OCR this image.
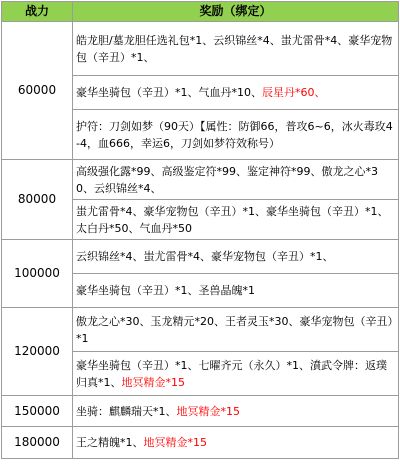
战力	奖励（绑定）
60000	皓龙胆/墓龙胆任选礼包*1、云织锦丝*4、蚩尤雷骨*4、豪华宠物包（辛丑）*1、
	豪华坐骑包（辛丑）*1、气血丹*10、辰星丹*60、
	护符：刀剑如梦（90天）【属性：防御66，普攻6~6，冰火毒玫4-4，血666，幸运6，刀剑如梦符效称号）
80000	高级强化露*99、高级鉴定符*99、鉴定神符*99、傲龙之心*30、云织锦丝*4、
	蚩尤雷骨*4、豪华宠物包（辛丑）*1、豪华坐骑包（辛丑）*1、太白丹*50、气血丹*50
100000	云织锦丝*4、蚩尤雷骨*4、豪华宠物包（辛丑）*1、
	豪华坐骑包（辛丑）*1、圣兽晶魄*1
120000	傲龙之心*30、玉龙精元*20、王者灵玉*30、豪华宠物包（辛丑）*1
	豪华坐骑包（辛丑）*1、七曜齐元（永久）*1、濆武令牌：返璞归真*1、地冥精金*15
150000	坐骑：麒麟瑞天*1、地冥精金*15
180000	王之精魄*1、地冥精金*15
